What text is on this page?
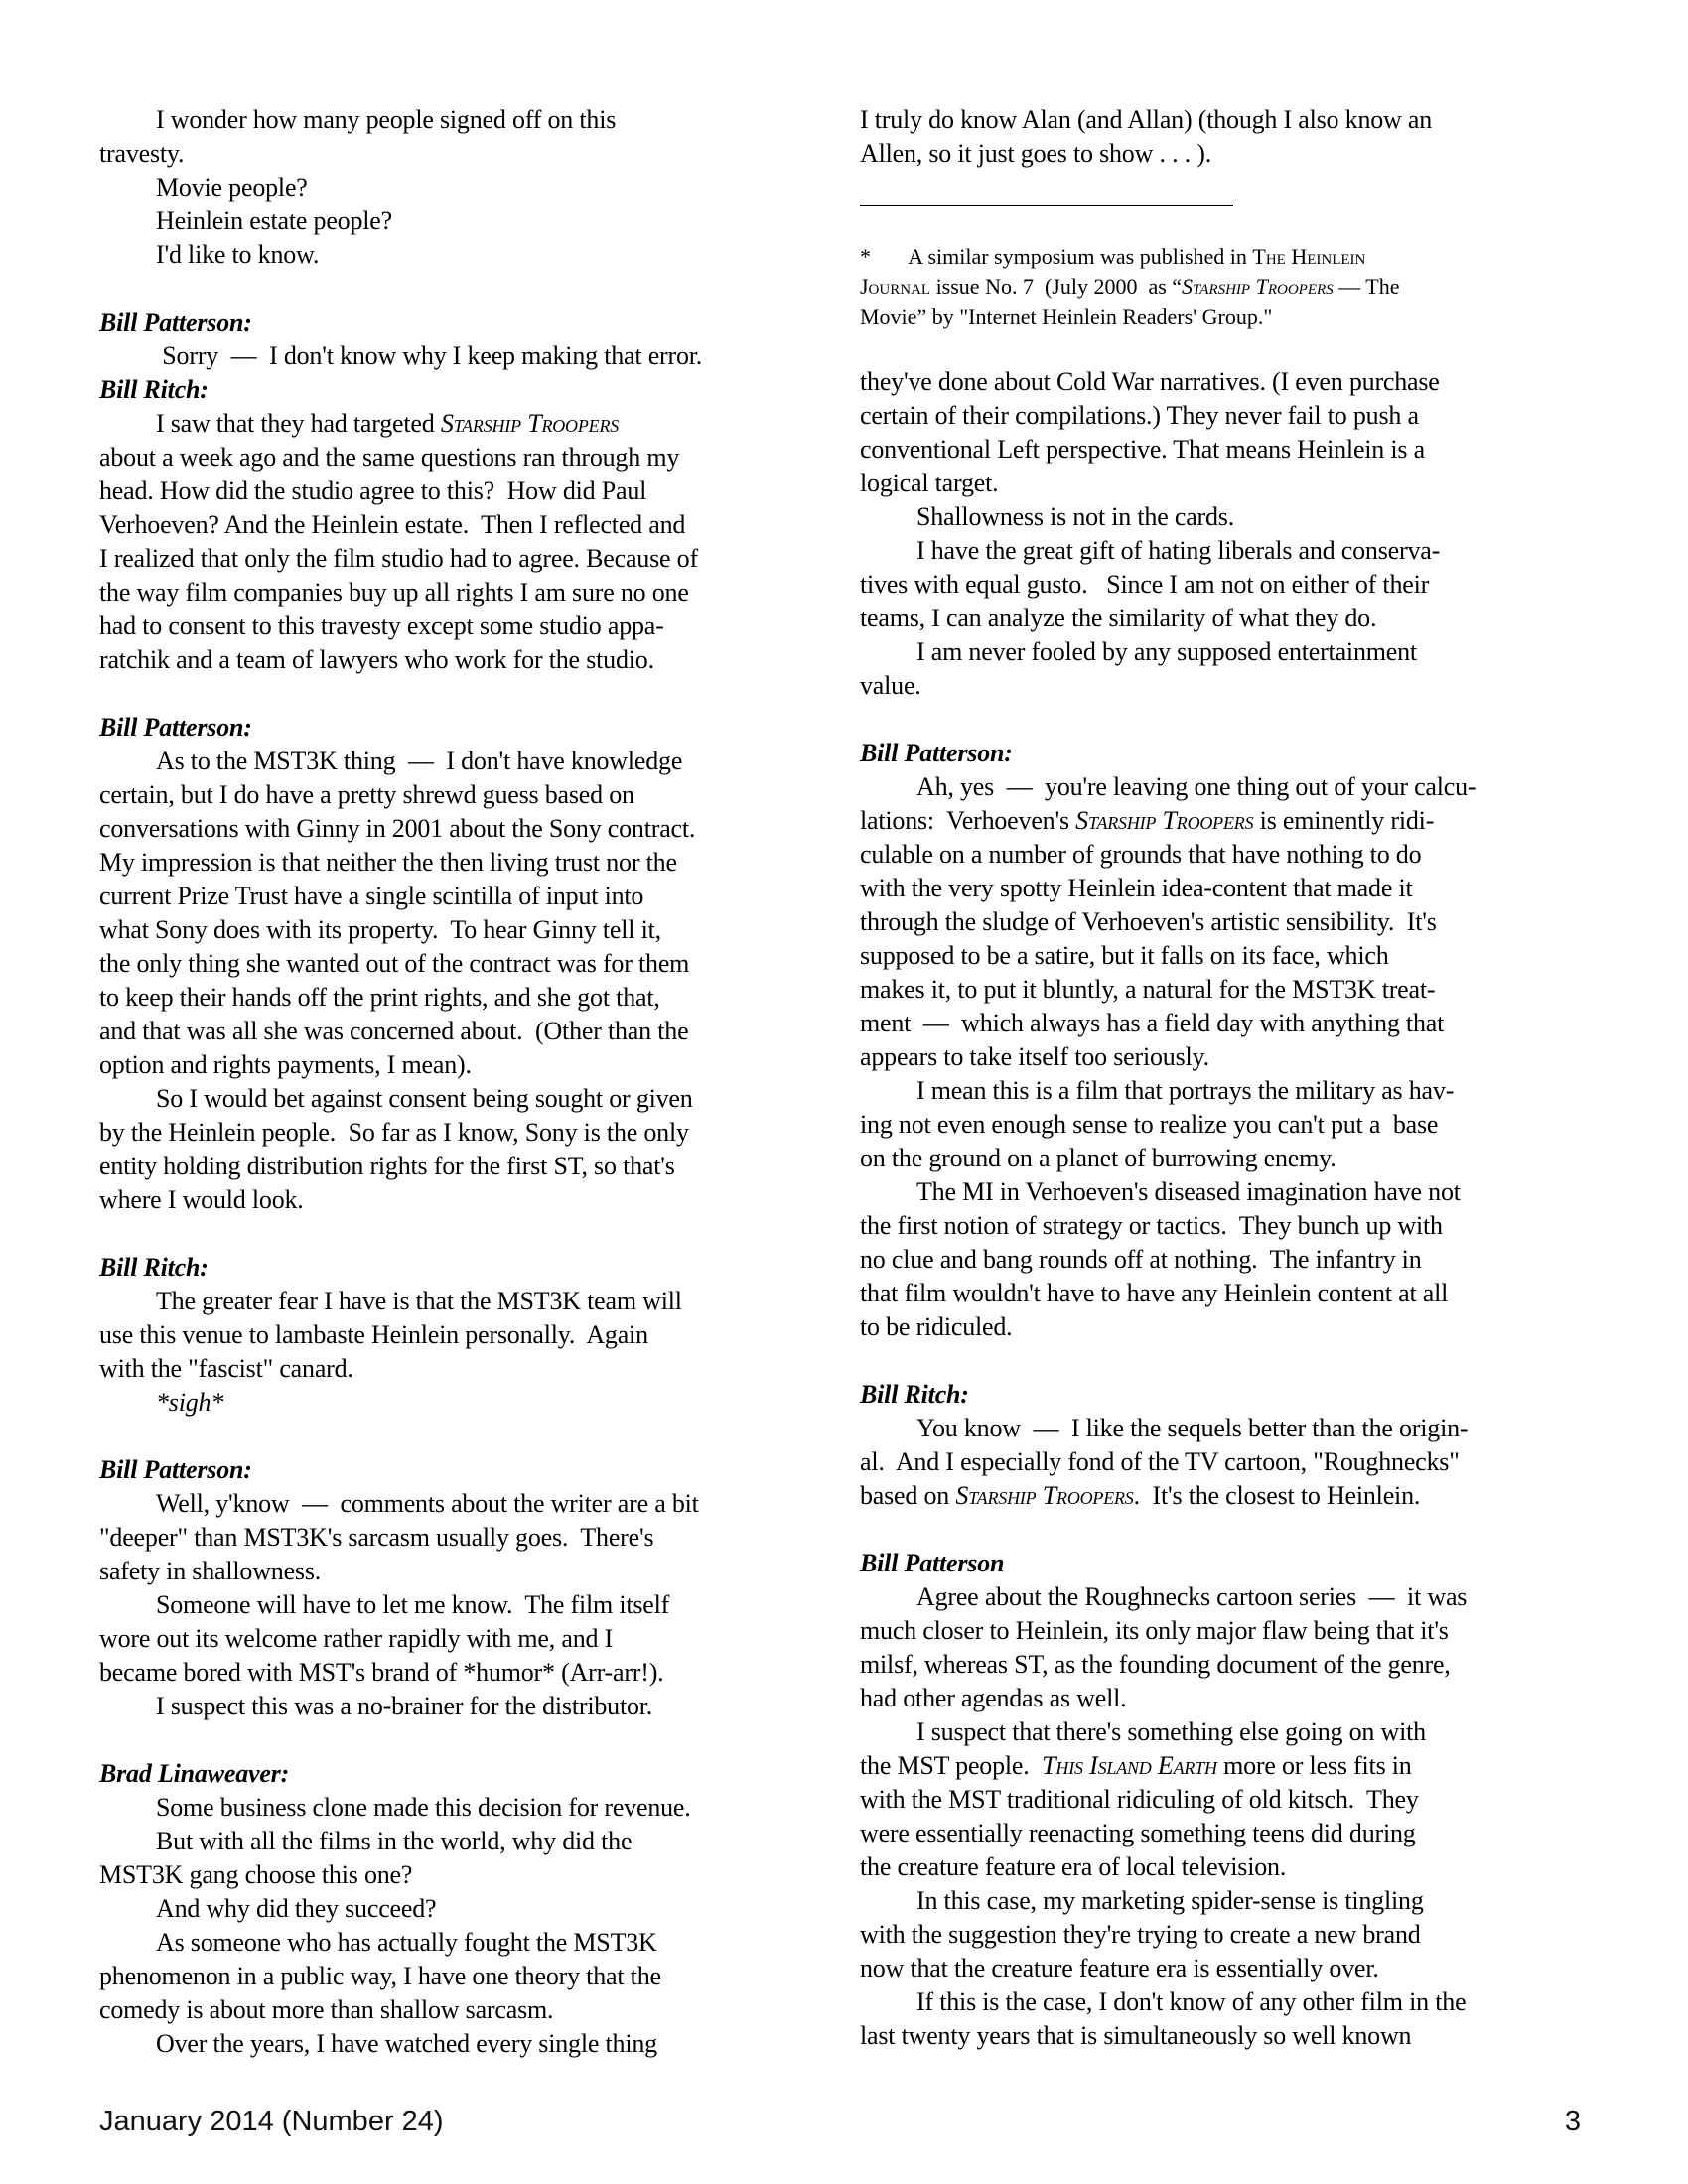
I wonder how many people signed off on this
travesty.
Movie people?
Heinlein estate people?
I'd like to know.
Bill Patterson:
Sorry  —  I don't know why I keep making that error.
Bill Ritch:
I saw that they had targeted Starship Troopers
about a week ago and the same questions ran through my
head. How did the studio agree to this?  How did Paul
Verhoeven? And the Heinlein estate.  Then I reflected and
I realized that only the film studio had to agree. Because of
the way film companies buy up all rights I am sure no one
had to consent to this travesty except some studio appa-
ratchik and a team of lawyers who work for the studio.
Bill Patterson:
As to the MST3K thing  —  I don't have knowledge
certain, but I do have a pretty shrewd guess based on
conversations with Ginny in 2001 about the Sony contract.
My impression is that neither the then living trust nor the
current Prize Trust have a single scintilla of input into
what Sony does with its property.  To hear Ginny tell it,
the only thing she wanted out of the contract was for them
to keep their hands off the print rights, and she got that,
and that was all she was concerned about.  (Other than the
option and rights payments, I mean).
So I would bet against consent being sought or given
by the Heinlein people.  So far as I know, Sony is the only
entity holding distribution rights for the first ST, so that's
where I would look.
Bill Ritch:
The greater fear I have is that the MST3K team will
use this venue to lambaste Heinlein personally.  Again
with the "fascist" canard.
*sigh*
Bill Patterson:
Well, y'know  —  comments about the writer are a bit
"deeper" than MST3K's sarcasm usually goes.  There's
safety in shallowness.
Someone will have to let me know.  The film itself
wore out its welcome rather rapidly with me, and I
became bored with MST's brand of *humor* (Arr-arr!).
I suspect this was a no-brainer for the distributor.
Brad Linaweaver:
Some business clone made this decision for revenue.
But with all the films in the world, why did the
MST3K gang choose this one?
And why did they succeed?
As someone who has actually fought the MST3K
phenomenon in a public way, I have one theory that the
comedy is about more than shallow sarcasm.
Over the years, I have watched every single thing
I truly do know Alan (and Allan) (though I also know an
Allen, so it just goes to show . . . ).
*       A similar symposium was published in The Heinlein
Journal issue No. 7  (July 2000  as “Starship Troopers — The
Movie” by "Internet Heinlein Readers' Group."
they've done about Cold War narratives. (I even purchase
certain of their compilations.) They never fail to push a
conventional Left perspective. That means Heinlein is a
logical target.
Shallowness is not in the cards.
I have the great gift of hating liberals and conserva-
tives with equal gusto.   Since I am not on either of their
teams, I can analyze the similarity of what they do.
I am never fooled by any supposed entertainment
value.
Bill Patterson:
Ah, yes  —  you're leaving one thing out of your calcu-
lations:  Verhoeven's Starship Troopers is eminently ridi-
culable on a number of grounds that have nothing to do
with the very spotty Heinlein idea-content that made it
through the sludge of Verhoeven's artistic sensibility.  It's
supposed to be a satire, but it falls on its face, which
makes it, to put it bluntly, a natural for the MST3K treat-
ment  —  which always has a field day with anything that
appears to take itself too seriously.
I mean this is a film that portrays the military as hav-
ing not even enough sense to realize you can't put a  base
on the ground on a planet of burrowing enemy.
The MI in Verhoeven's diseased imagination have not
the first notion of strategy or tactics.  They bunch up with
no clue and bang rounds off at nothing.  The infantry in
that film wouldn't have to have any Heinlein content at all
to be ridiculed.
Bill Ritch:
You know  —  I like the sequels better than the origin-
al.  And I especially fond of the TV cartoon, "Roughnecks"
based on Starship Troopers.  It's the closest to Heinlein.
Bill Patterson
Agree about the Roughnecks cartoon series  —  it was
much closer to Heinlein, its only major flaw being that it's
milsf, whereas ST, as the founding document of the genre,
had other agendas as well.
I suspect that there's something else going on with
the MST people.  This Island Earth more or less fits in
with the MST traditional ridiculing of old kitsch.  They
were essentially reenacting something teens did during
the creature feature era of local television.
In this case, my marketing spider-sense is tingling
with the suggestion they're trying to create a new brand
now that the creature feature era is essentially over.
If this is the case, I don't know of any other film in the
last twenty years that is simultaneously so well known
January 2014 (Number 24)	3
